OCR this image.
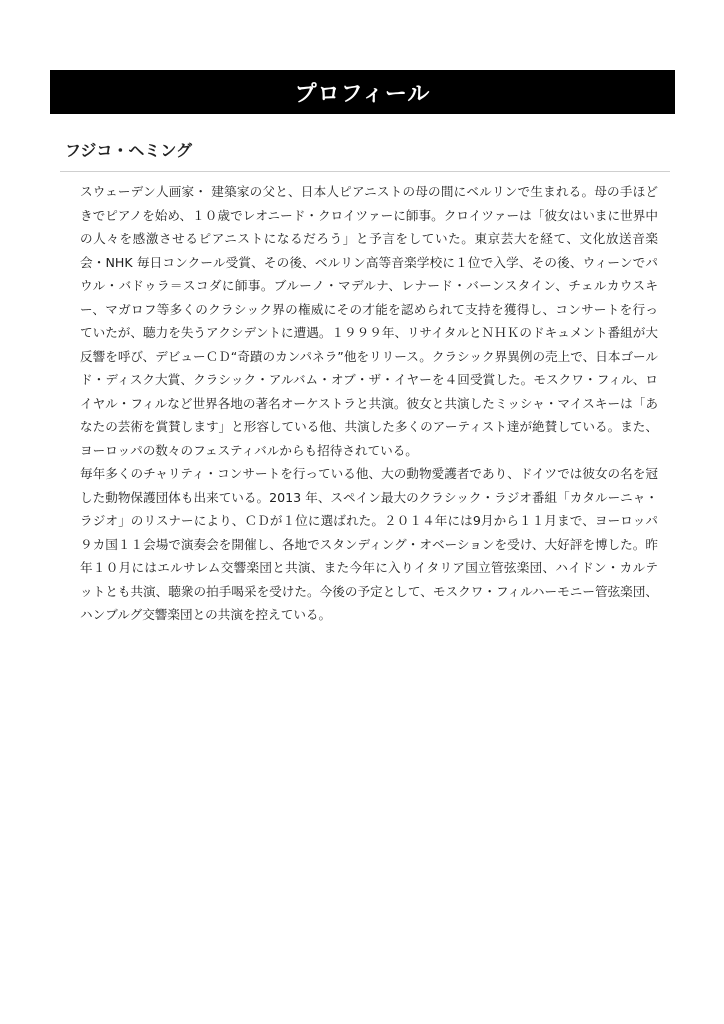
プロフィール
フジコ・ヘミング

スウェーデン人画家・ 建築家の父と、日本人ピアニストの母の間にベルリンで生まれる。母の手ほどきでピアノを始め、１０歳でレオニード・クロイツァーに師事。クロイツァーは「彼女はいまに世界中の人々を感激させるピアニストになるだろう」と予言をしていた。東京芸大を経て、文化放送音楽会・NHK 毎日コンクール受賞、その後、ベルリン高等音楽学校に１位で入学、その後、ウィーンでパウル・バドゥラ＝スコダに師事。ブルーノ・マデルナ、レナード・バーンスタイン、チェルカウスキー、マガロフ等多くのクラシック界の権威にその才能を認められて支持を獲得し、コンサートを行っていたが、聴力を失うアクシデントに遭遇。１９９９年、リサイタルとＮＨＫのドキュメント番組が大反響を呼び、デビューＣＤ“奇蹟のカンパネラ”他をリリース。クラシック界異例の売上で、日本ゴールド・ディスク大賞、クラシック・アルバム・オブ・ザ・イヤーを４回受賞した。モスクワ・フィル、ロイヤル・フィルなど世界各地の著名オーケストラと共演。彼女と共演したミッシャ・マイスキーは「あなたの芸術を賞賛します」と形容している他、共演した多くのアーティスト達が絶賛している。また、ヨーロッパの数々のフェスティバルからも招待されている。

毎年多くのチャリティ・コンサートを行っている他、大の動物愛護者であり、ドイツでは彼女の名を冠した動物保護団体も出来ている。2013 年、スペイン最大のクラシック・ラジオ番組「カタルーニャ・ラジオ」のリスナーにより、ＣＤが１位に選ばれた。２０１４年には9月から１１月まで、ヨーロッパ９カ国１１会場で演奏会を開催し、各地でスタンディング・オベーションを受け、大好評を博した。昨年１０月にはエルサレム交響楽団と共演、また今年に入りイタリア国立管弦楽団、ハイドン・カルテットとも共演、聴衆の拍手喝采を受けた。今後の予定として、モスクワ・フィルハーモニー管弦楽団、ハンブルグ交響楽団との共演を控えている。
